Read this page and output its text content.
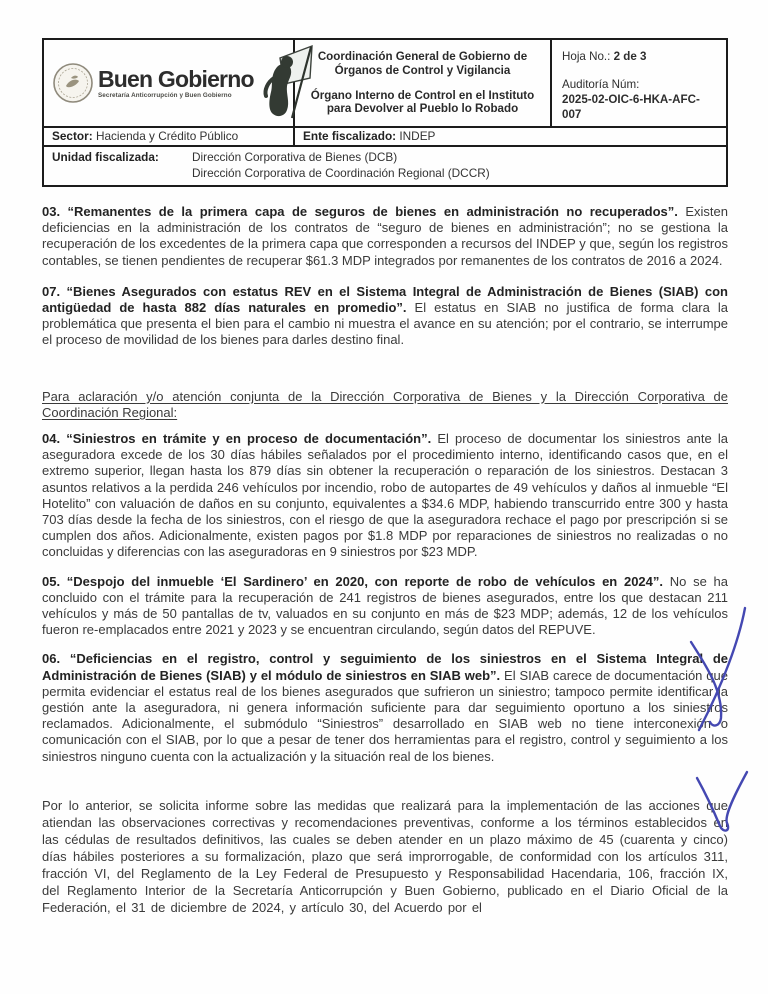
Buen Gobierno
Secretaría Anticorrupción y Buen Gobierno
Coordinación General de Gobierno de Órganos de Control y Vigilancia
Órgano Interno de Control en el Instituto para Devolver al Pueblo lo Robado
Hoja No.: 2 de 3
Auditoría Núm:
2025-02-OIC-6-HKA-AFC-007
Sector: Hacienda y Crédito Público	Ente fiscalizado: INDEP
Unidad fiscalizada:	Dirección Corporativa de Bienes (DCB)
Dirección Corporativa de Coordinación Regional (DCCR)

03. “Remanentes de la primera capa de seguros de bienes en administración no recuperados”. Existen deficiencias en la administración de los contratos de “seguro de bienes en administración”; no se gestiona la recuperación de los excedentes de la primera capa que corresponden a recursos del INDEP y que, según los registros contables, se tienen pendientes de recuperar $61.3 MDP integrados por remanentes de los contratos de 2016 a 2024.

07. “Bienes Asegurados con estatus REV en el Sistema Integral de Administración de Bienes (SIAB) con antigüedad de hasta 882 días naturales en promedio”. El estatus en SIAB no justifica de forma clara la problemática que presenta el bien para el cambio ni muestra el avance en su atención; por el contrario, se interrumpe el proceso de movilidad de los bienes para darles destino final.

Para aclaración y/o atención conjunta de la Dirección Corporativa de Bienes y la Dirección Corporativa de Coordinación Regional:

04. “Siniestros en trámite y en proceso de documentación”. El proceso de documentar los siniestros ante la aseguradora excede de los 30 días hábiles señalados por el procedimiento interno, identificando casos que, en el extremo superior, llegan hasta los 879 días sin obtener la recuperación o reparación de los siniestros. Destacan 3 asuntos relativos a la perdida 246 vehículos por incendio, robo de autopartes de 49 vehículos y daños al inmueble “El Hotelito” con valuación de daños en su conjunto, equivalentes a $34.6 MDP, habiendo transcurrido entre 300 y hasta 703 días desde la fecha de los siniestros, con el riesgo de que la aseguradora rechace el pago por prescripción si se cumplen dos años. Adicionalmente, existen pagos por $1.8 MDP por reparaciones de siniestros no realizadas o no concluidas y diferencias con las aseguradoras en 9 siniestros por $23 MDP.

05. “Despojo del inmueble ‘El Sardinero’ en 2020, con reporte de robo de vehículos en 2024”. No se ha concluido con el trámite para la recuperación de 241 registros de bienes asegurados, entre los que destacan 211 vehículos y más de 50 pantallas de tv, valuados en su conjunto en más de $23 MDP; además, 12 de los vehículos fueron re-emplacados entre 2021 y 2023 y se encuentran circulando, según datos del REPUVE.

06. “Deficiencias en el registro, control y seguimiento de los siniestros en el Sistema Integral de Administración de Bienes (SIAB) y el módulo de siniestros en SIAB web”. El SIAB carece de documentación que permita evidenciar el estatus real de los bienes asegurados que sufrieron un siniestro; tampoco permite identificar la gestión ante la aseguradora, ni genera información suficiente para dar seguimiento oportuno a los siniestros reclamados. Adicionalmente, el submódulo “Siniestros” desarrollado en SIAB web no tiene interconexión o comunicación con el SIAB, por lo que a pesar de tener dos herramientas para el registro, control y seguimiento a los siniestros ninguno cuenta con la actualización y la situación real de los bienes.

Por lo anterior, se solicita informe sobre las medidas que realizará para la implementación de las acciones que atiendan las observaciones correctivas y recomendaciones preventivas, conforme a los términos establecidos en las cédulas de resultados definitivos, las cuales se deben atender en un plazo máximo de 45 (cuarenta y cinco) días hábiles posteriores a su formalización, plazo que será improrrogable, de conformidad con los artículos 311, fracción VI, del Reglamento de la Ley Federal de Presupuesto y Responsabilidad Hacendaria, 106, fracción IX, del Reglamento Interior de la Secretaría Anticorrupción y Buen Gobierno, publicado en el Diario Oficial de la Federación, el 31 de diciembre de 2024, y artículo 30, del Acuerdo por el
